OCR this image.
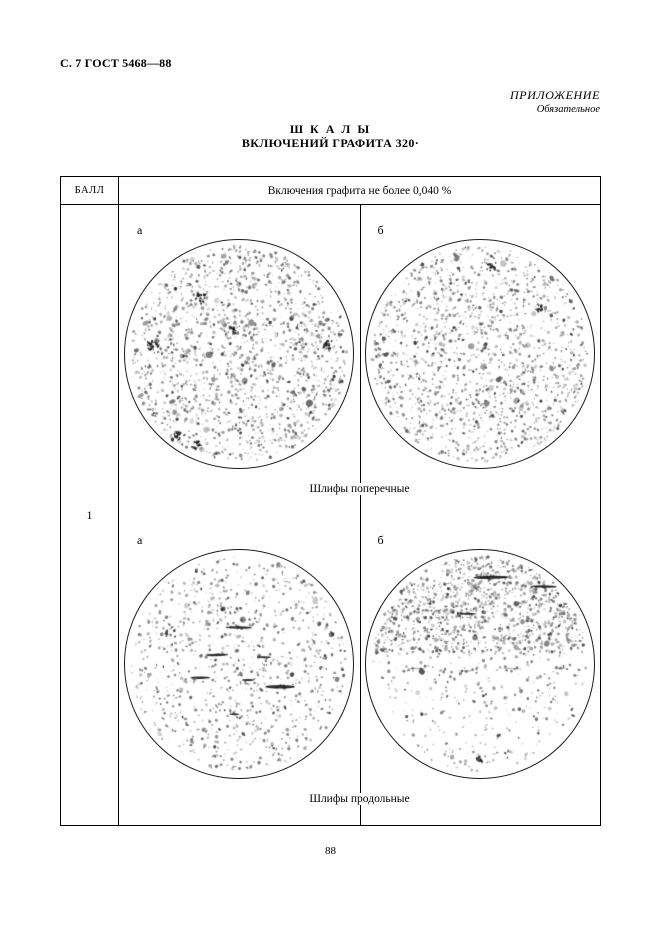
С. 7 ГОСТ 5468—88
ПРИЛОЖЕНИЕ
Обязательное
Ш К А Л Ы
ВКЛЮЧЕНИЙ ГРАФИТА 320·
БАЛЛ	Включения графита не более 0,040 %
1
а	б
Шлифы поперечные
а	б
Шлифы продольные
88
